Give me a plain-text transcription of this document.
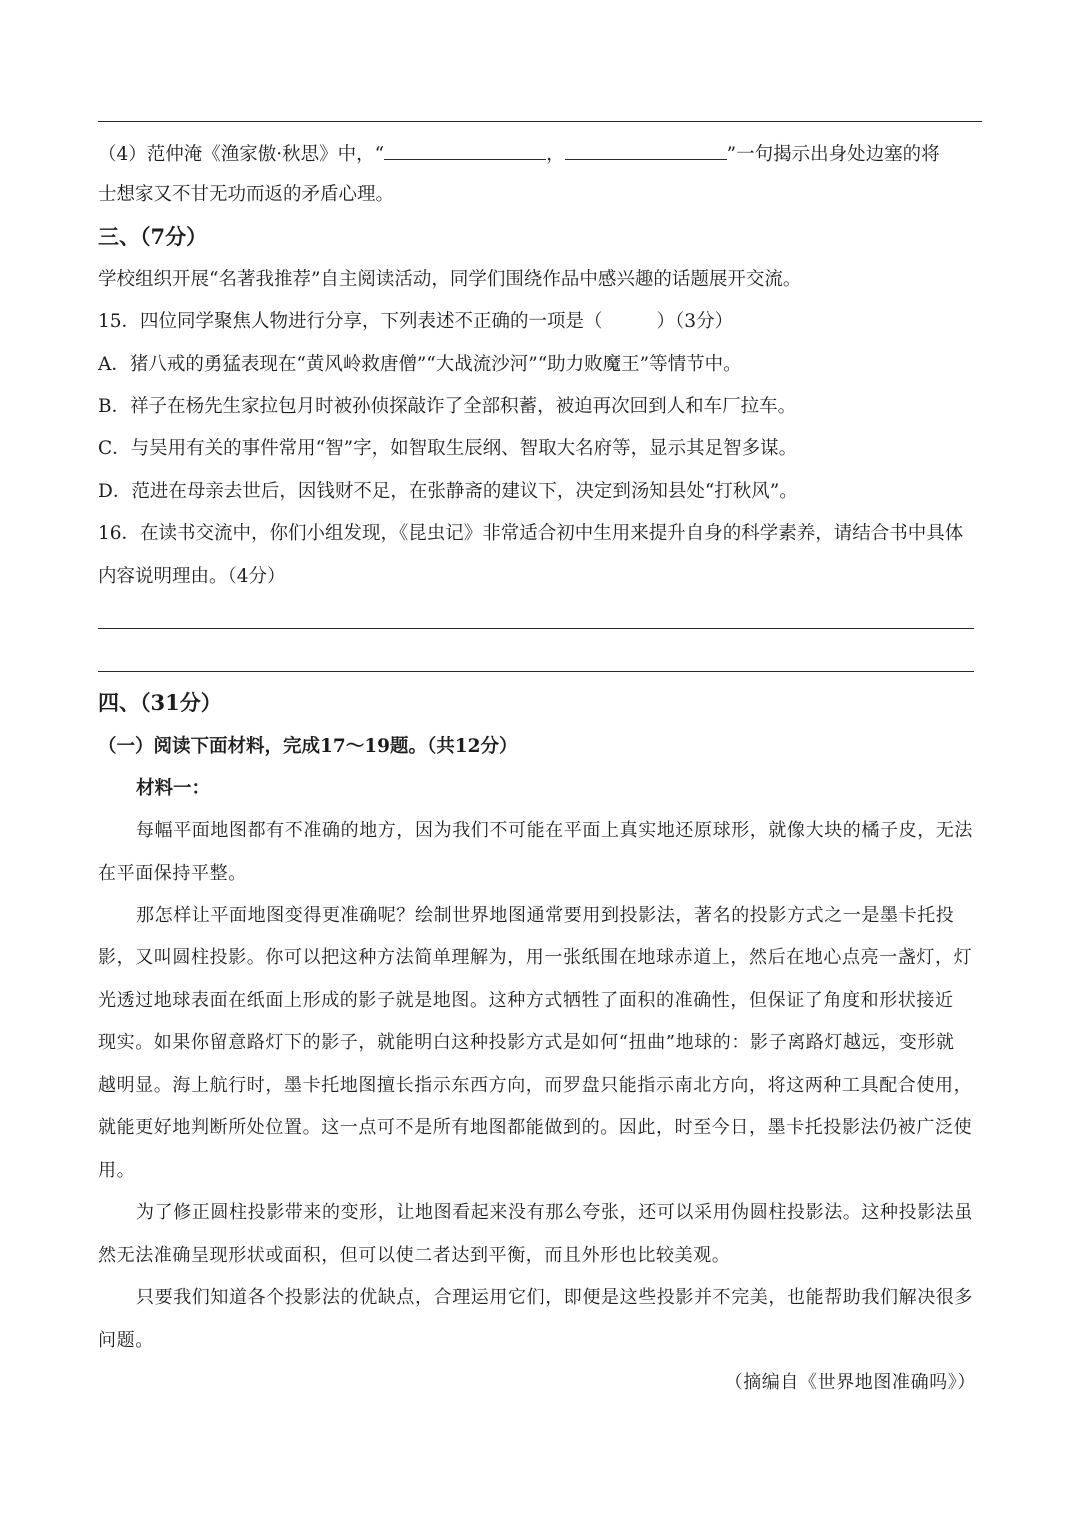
（4）范仲淹《渔家傲·秋思》中，“	，	”一句揭示出身处边塞的将
士想家又不甘无功而返的矛盾心理。
三、（7分）
学校组织开展“名著我推荐”自主阅读活动，同学们围绕作品中感兴趣的话题展开交流。
15．四位同学聚焦人物进行分享，下列表述不正确的一项是（	）（3分）
A．猪八戒的勇猛表现在“黄风岭救唐僧”“大战流沙河”“助力败魔王”等情节中。
B．祥子在杨先生家拉包月时被孙侦探敲诈了全部积蓄，被迫再次回到人和车厂拉车。
C．与吴用有关的事件常用“智”字，如智取生辰纲、智取大名府等，显示其足智多谋。
D．范进在母亲去世后，因钱财不足，在张静斋的建议下，决定到汤知县处“打秋风”。
16．在读书交流中，你们小组发现，《昆虫记》非常适合初中生用来提升自身的科学素养，请结合书中具体
内容说明理由。（4分）
四、（31分）
（一）阅读下面材料，完成17～19题。（共12分）
材料一：
每幅平面地图都有不准确的地方，因为我们不可能在平面上真实地还原球形，就像大块的橘子皮，无法
在平面保持平整。
那怎样让平面地图变得更准确呢？绘制世界地图通常要用到投影法，著名的投影方式之一是墨卡托投
影，又叫圆柱投影。你可以把这种方法简单理解为，用一张纸围在地球赤道上，然后在地心点亮一盏灯，灯
光透过地球表面在纸面上形成的影子就是地图。这种方式牺牲了面积的准确性，但保证了角度和形状接近
现实。如果你留意路灯下的影子，就能明白这种投影方式是如何“扭曲”地球的：影子离路灯越远，变形就
越明显。海上航行时，墨卡托地图擅长指示东西方向，而罗盘只能指示南北方向，将这两种工具配合使用，
就能更好地判断所处位置。这一点可不是所有地图都能做到的。因此，时至今日，墨卡托投影法仍被广泛使
用。
为了修正圆柱投影带来的变形，让地图看起来没有那么夸张，还可以采用伪圆柱投影法。这种投影法虽
然无法准确呈现形状或面积，但可以使二者达到平衡，而且外形也比较美观。
只要我们知道各个投影法的优缺点，合理运用它们，即便是这些投影并不完美，也能帮助我们解决很多
问题。
（摘编自《世界地图准确吗》）
